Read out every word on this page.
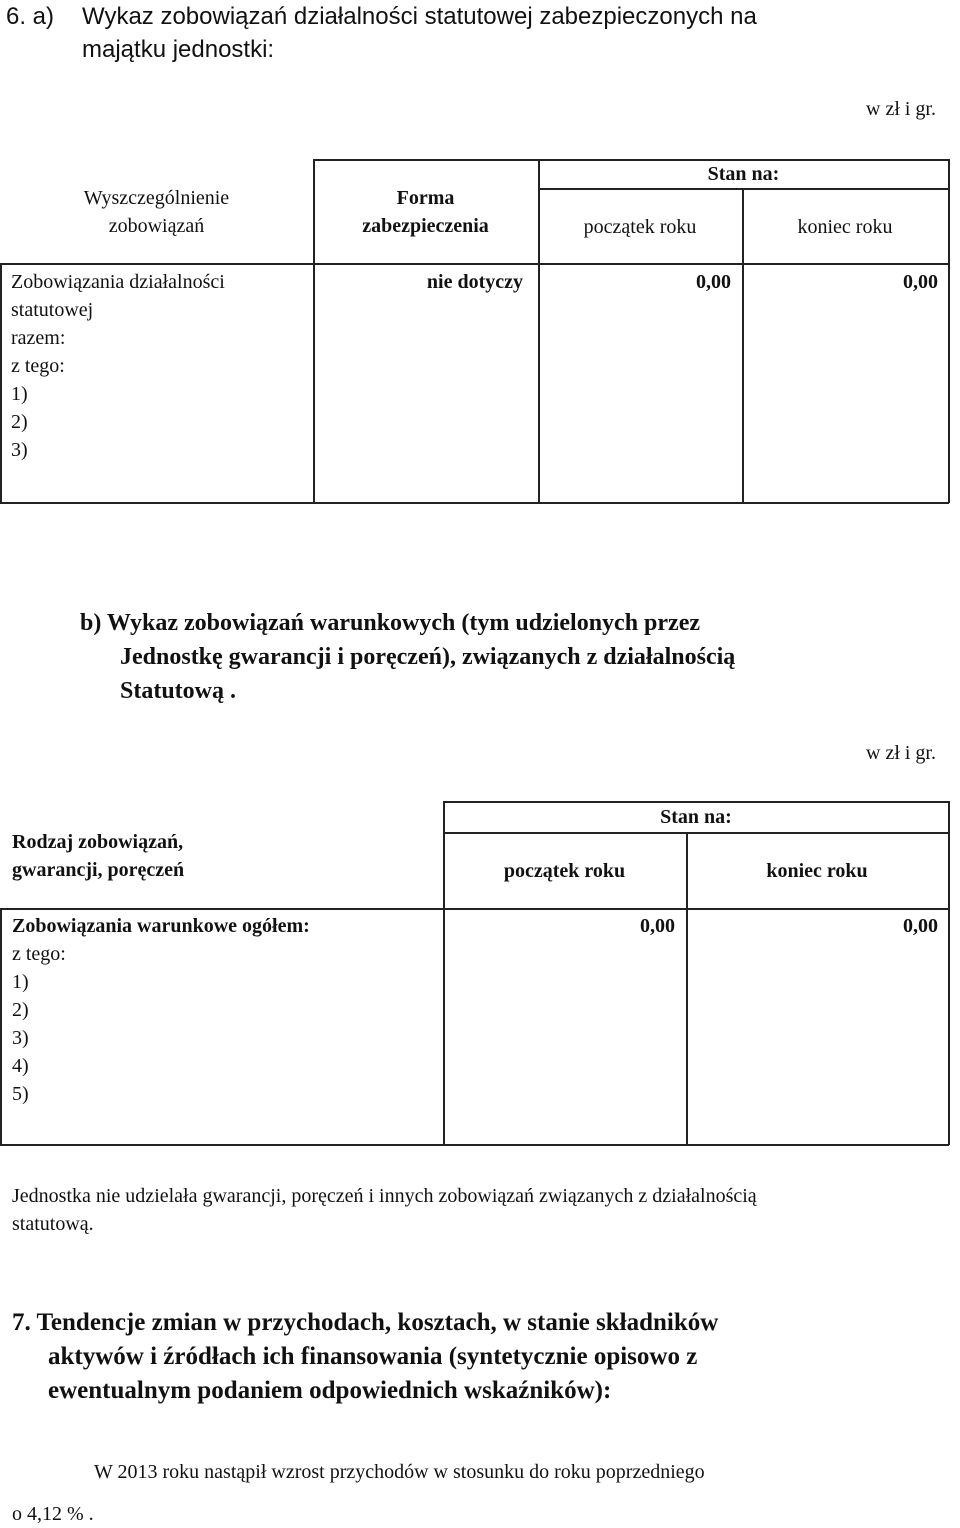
6. a) Wykaz zobowiązań działalności statutowej zabezpieczonych na
majątku jednostki:
w zł i gr.
Wyszczególnienie
zobowiązań
Forma
zabezpieczenia
Stan na:
początek roku	koniec roku
Zobowiązania działalności
statutowej
razem:
z tego:
1)
2)
3)
nie dotyczy	0,00	0,00
b) Wykaz zobowiązań warunkowych (tym udzielonych przez
Jednostkę gwarancji i poręczeń), związanych z działalnością
Statutową .
w zł i gr.
Rodzaj zobowiązań,
gwarancji, poręczeń
Stan na:
początek roku	koniec roku
Zobowiązania warunkowe ogółem:
z tego:
1)
2)
3)
4)
5)
0,00	0,00
Jednostka nie udzielała gwarancji, poręczeń i innych zobowiązań związanych z działalnością
statutową.
7. Tendencje zmian w przychodach, kosztach, w stanie składników
aktywów i źródłach ich finansowania (syntetycznie opisowo z
ewentualnym podaniem odpowiednich wskaźników):
W 2013 roku nastąpił wzrost przychodów w stosunku do roku poprzedniego
o 4,12 % .
